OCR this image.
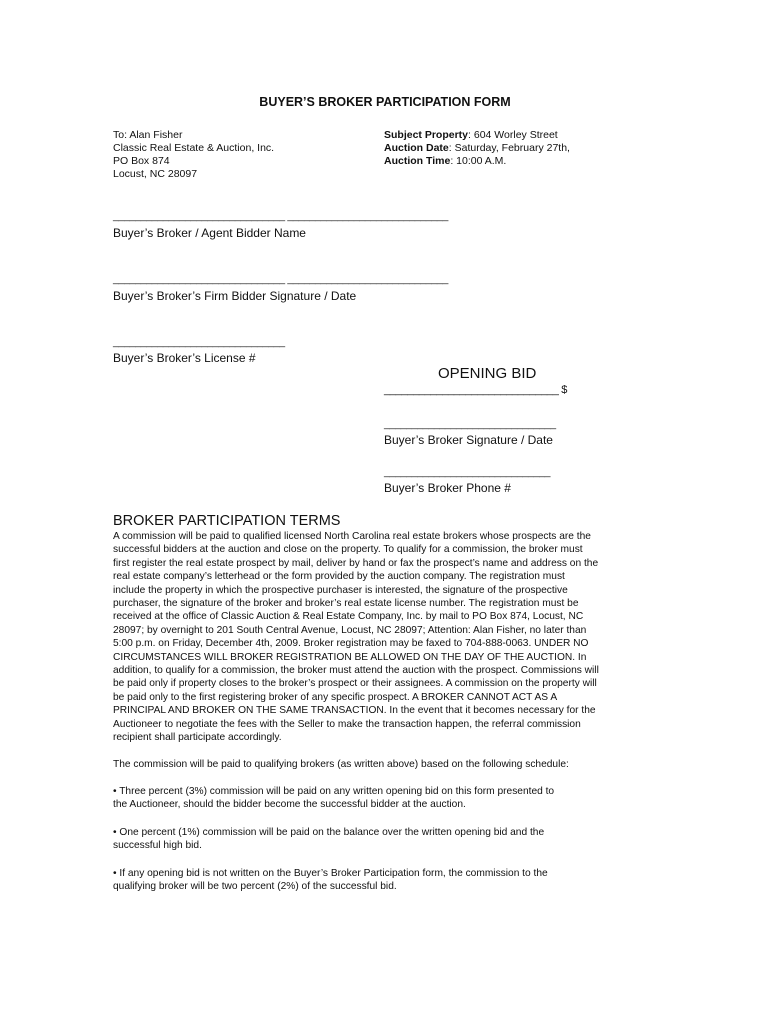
BUYER’S BROKER PARTICIPATION FORM
To: Alan Fisher
Classic Real Estate & Auction, Inc.
PO Box 874
Locust, NC 28097
Subject Property: 604 Worley Street
Auction Date: Saturday, February 27th,
Auction Time: 10:00 A.M.
_______________________________ _____________________________
Buyer’s Broker / Agent Bidder Name
_______________________________ _____________________________
Buyer’s Broker’s Firm Bidder Signature / Date
_______________________________
Buyer’s Broker’s License #
OPENING BID
______________________________ $
_______________________________
Buyer’s Broker Signature / Date
______________________________
Buyer’s Broker Phone #
BROKER PARTICIPATION TERMS
A commission will be paid to qualified licensed North Carolina real estate brokers whose prospects are the
successful bidders at the auction and close on the property. To qualify for a commission, the broker must
first register the real estate prospect by mail, deliver by hand or fax the prospect’s name and address on the
real estate company’s letterhead or the form provided by the auction company. The registration must
include the property in which the prospective purchaser is interested, the signature of the prospective
purchaser, the signature of the broker and broker’s real estate license number. The registration must be
received at the office of Classic Auction & Real Estate Company, Inc. by mail to PO Box 874, Locust, NC
28097; by overnight to 201 South Central Avenue, Locust, NC 28097; Attention: Alan Fisher, no later than
5:00 p.m. on Friday, December 4th, 2009. Broker registration may be faxed to 704-888-0063. UNDER NO
CIRCUMSTANCES WILL BROKER REGISTRATION BE ALLOWED ON THE DAY OF THE AUCTION. In
addition, to qualify for a commission, the broker must attend the auction with the prospect. Commissions will
be paid only if property closes to the broker’s prospect or their assignees. A commission on the property will
be paid only to the first registering broker of any specific prospect. A BROKER CANNOT ACT AS A
PRINCIPAL AND BROKER ON THE SAME TRANSACTION. In the event that it becomes necessary for the
Auctioneer to negotiate the fees with the Seller to make the transaction happen, the referral commission
recipient shall participate accordingly.
The commission will be paid to qualifying brokers (as written above) based on the following schedule:
• Three percent (3%) commission will be paid on any written opening bid on this form presented to
the Auctioneer, should the bidder become the successful bidder at the auction.
• One percent (1%) commission will be paid on the balance over the written opening bid and the
successful high bid.
• If any opening bid is not written on the Buyer’s Broker Participation form, the commission to the
qualifying broker will be two percent (2%) of the successful bid.
